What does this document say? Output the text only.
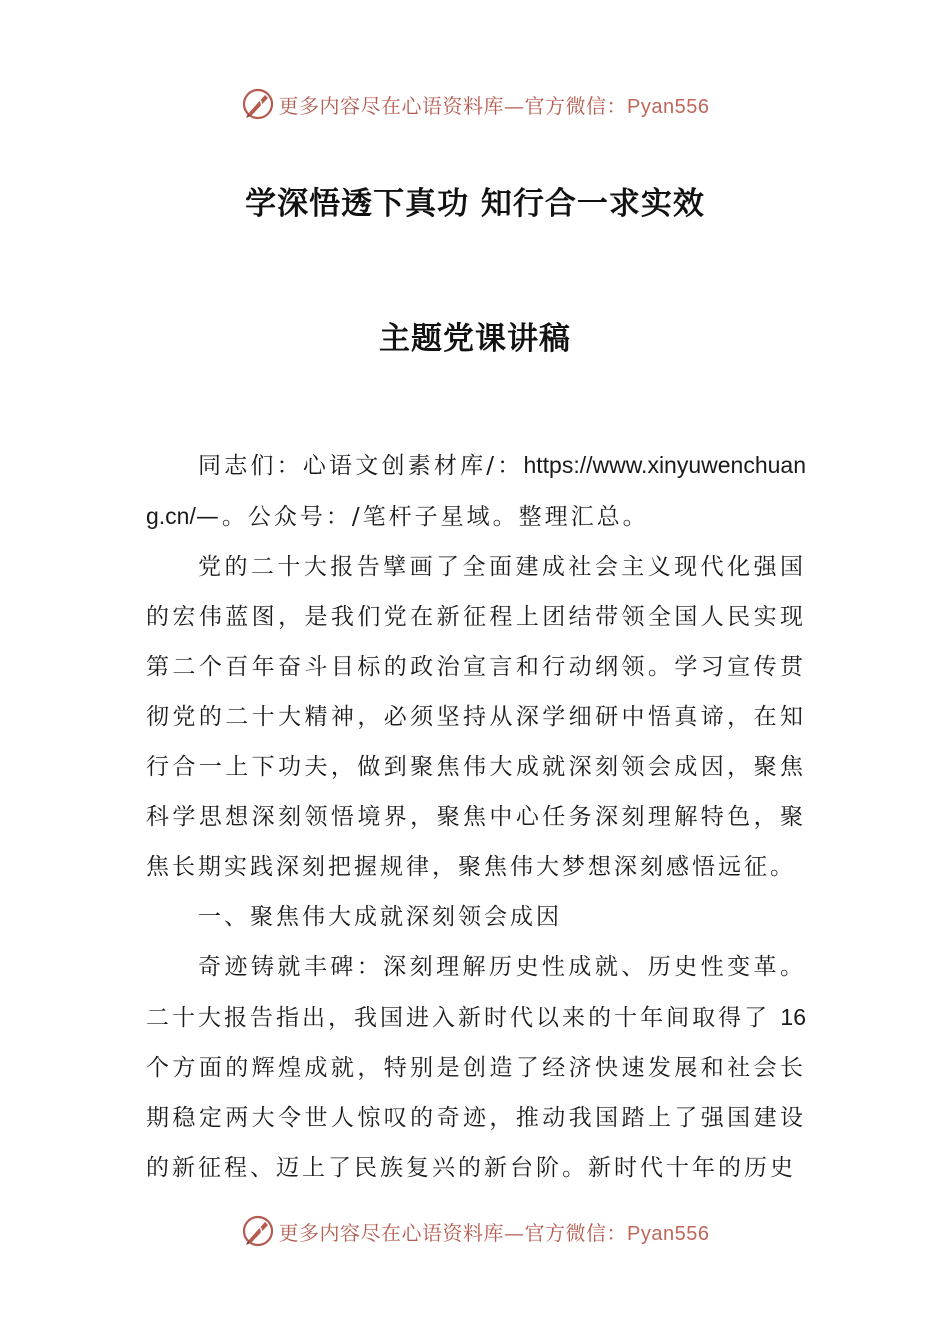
更多内容尽在心语资料库—官方微信：Pyan556
学深悟透下真功 知行合一求实效
主题党课讲稿

同志们：心语文创素材库/：https://www.xinyuwenchuang.cn/—。公众号：/笔杆子星域。整理汇总。

党的二十大报告擘画了全面建成社会主义现代化强国的宏伟蓝图，是我们党在新征程上团结带领全国人民实现第二个百年奋斗目标的政治宣言和行动纲领。学习宣传贯彻党的二十大精神，必须坚持从深学细研中悟真谛，在知行合一上下功夫，做到聚焦伟大成就深刻领会成因，聚焦科学思想深刻领悟境界，聚焦中心任务深刻理解特色，聚焦长期实践深刻把握规律，聚焦伟大梦想深刻感悟远征。

一、聚焦伟大成就深刻领会成因

奇迹铸就丰碑：深刻理解历史性成就、历史性变革。二十大报告指出，我国进入新时代以来的十年间取得了 16个方面的辉煌成就，特别是创造了经济快速发展和社会长期稳定两大令世人惊叹的奇迹，推动我国踏上了强国建设的新征程、迈上了民族复兴的新台阶。新时代十年的历史

更多内容尽在心语资料库—官方微信：Pyan556
